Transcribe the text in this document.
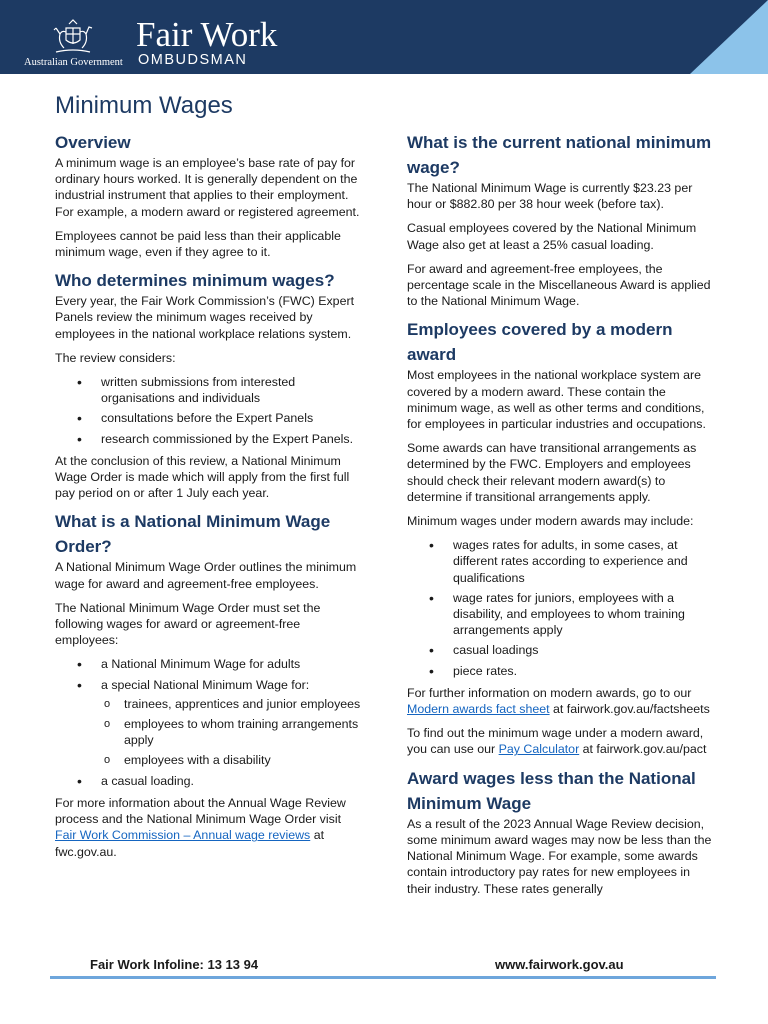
Australian Government
Fair Work
OMBUDSMAN
Minimum Wages
Overview

A minimum wage is an employee’s base rate of pay for ordinary hours worked. It is generally dependent on the industrial instrument that applies to their employment. For example, a modern award or registered agreement.

Employees cannot be paid less than their applicable minimum wage, even if they agree to it.

Who determines minimum wages?

Every year, the Fair Work Commission’s (FWC) Expert Panels review the minimum wages received by employees in the national workplace relations system.

The review considers:

• written submissions from interested organisations and individuals
• consultations before the Expert Panels
• research commissioned by the Expert Panels.

At the conclusion of this review, a National Minimum Wage Order is made which will apply from the first full pay period on or after 1 July each year.

What is a National Minimum Wage Order?

A National Minimum Wage Order outlines the minimum wage for award and agreement-free employees.

The National Minimum Wage Order must set the following wages for award or agreement-free employees:

• a National Minimum Wage for adults
• a special National Minimum Wage for:
o trainees, apprentices and junior employees
o employees to whom training arrangements apply
o employees with a disability
• a casual loading.

For more information about the Annual Wage Review process and the National Minimum Wage Order visit Fair Work Commission – Annual wage reviews at fwc.gov.au.

What is the current national minimum wage?

The National Minimum Wage is currently $23.23 per hour or $882.80 per 38 hour week (before tax).

Casual employees covered by the National Minimum Wage also get at least a 25% casual loading.

For award and agreement-free employees, the percentage scale in the Miscellaneous Award is applied to the National Minimum Wage.

Employees covered by a modern award

Most employees in the national workplace system are covered by a modern award. These contain the minimum wage, as well as other terms and conditions, for employees in particular industries and occupations.

Some awards can have transitional arrangements as determined by the FWC. Employers and employees should check their relevant modern award(s) to determine if transitional arrangements apply.

Minimum wages under modern awards may include:

• wages rates for adults, in some cases, at different rates according to experience and qualifications
• wage rates for juniors, employees with a disability, and employees to whom training arrangements apply
• casual loadings
• piece rates.

For further information on modern awards, go to our Modern awards fact sheet at fairwork.gov.au/factsheets

To find out the minimum wage under a modern award, you can use our Pay Calculator at fairwork.gov.au/pact

Award wages less than the National Minimum Wage

As a result of the 2023 Annual Wage Review decision, some minimum award wages may now be less than the National Minimum Wage. For example, some awards contain introductory pay rates for new employees in their industry. These rates generally

Fair Work Infoline: 13 13 94	www.fairwork.gov.au
